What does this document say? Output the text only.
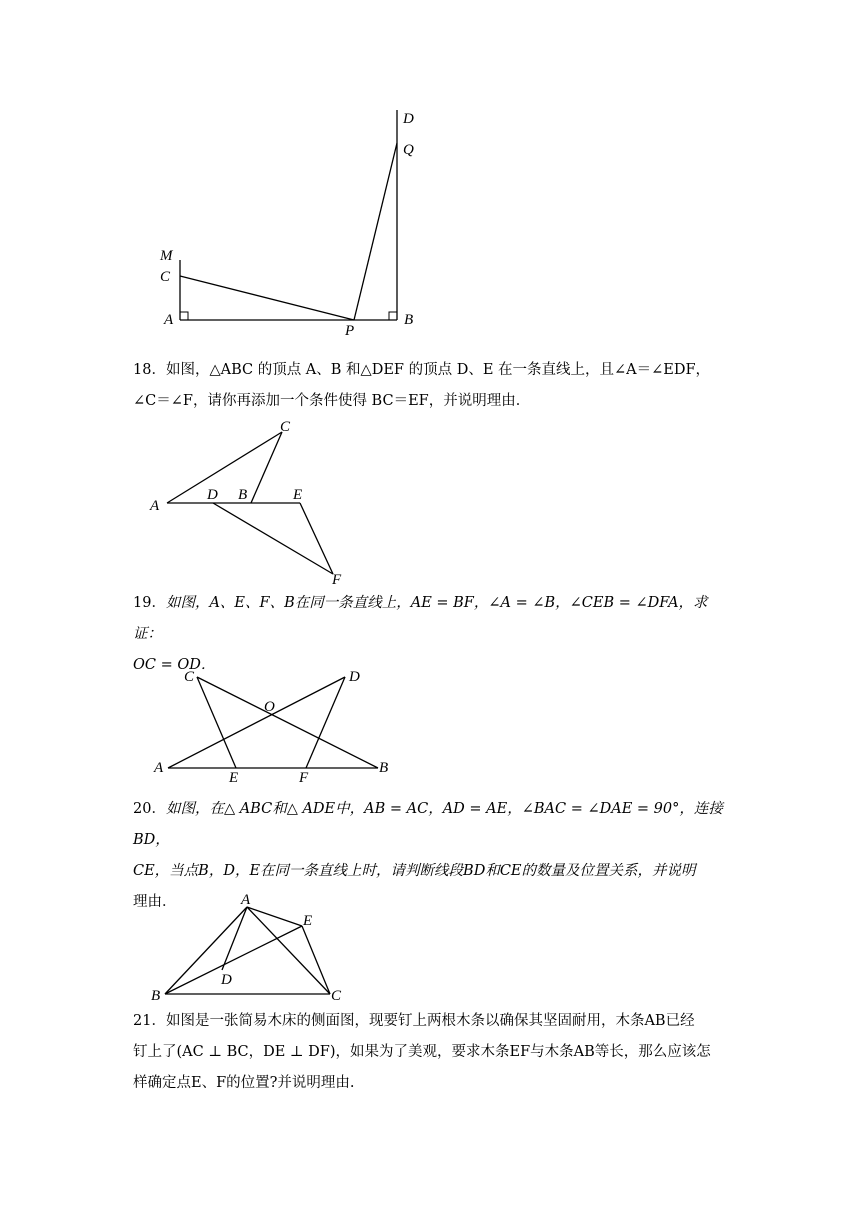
D
Q
M
C
A
P
B

18．如图，△ABC 的顶点 A、B 和△DEF 的顶点 D、E 在一条直线上，且∠A＝∠EDF，

∠C＝∠F，请你再添加一个条件使得 BC＝EF，并说明理由．

C
A
D B	E
F

19．如图，A、E、F、B在同一条直线上，AE = BF，∠A = ∠B，∠CEB = ∠DFA，求证：

OC = OD．

C	D
O
A
E	F
B

20．如图，在△ ABC和△ ADE中，AB = AC，AD = AE，∠BAC = ∠DAE = 90°，连接BD，

CE，当点B，D，E在同一条直线上时，请判断线段BD和CE的数量及位置关系，并说明

理由．	A
E
D
B	C

21．如图是一张简易木床的侧面图，现要钉上两根木条以确保其坚固耐用，木条AB已经

钉上了(AC ⊥ BC，DE ⊥ DF)，如果为了美观，要求木条EF与木条AB等长，那么应该怎

样确定点E、F的位置?并说明理由.
